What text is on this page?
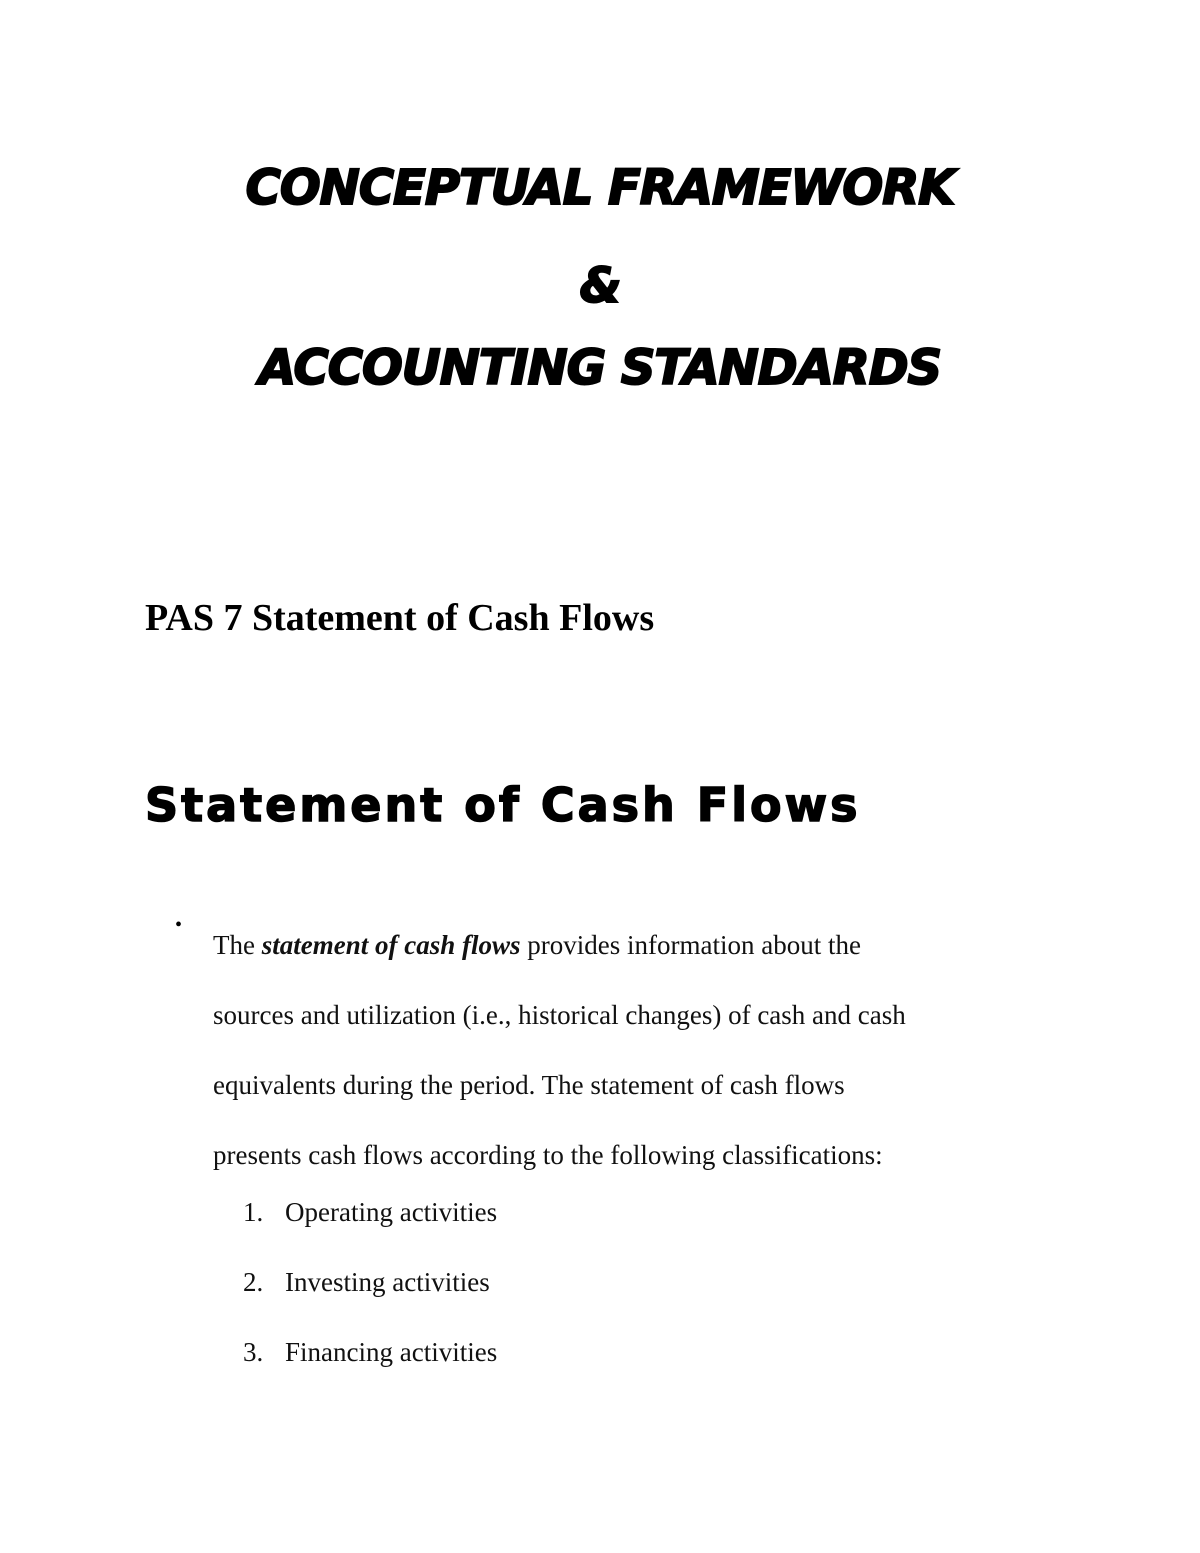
CONCEPTUAL FRAMEWORK
&
ACCOUNTING STANDARDS
PAS 7 Statement of Cash Flows
Statement of Cash Flows
•

The statement of cash flows provides information about the
sources and utilization (i.e., historical changes) of cash and cash
equivalents during the period. The statement of cash flows
presents cash flows according to the following classifications:

1. Operating activities
2. Investing activities
3. Financing activities
